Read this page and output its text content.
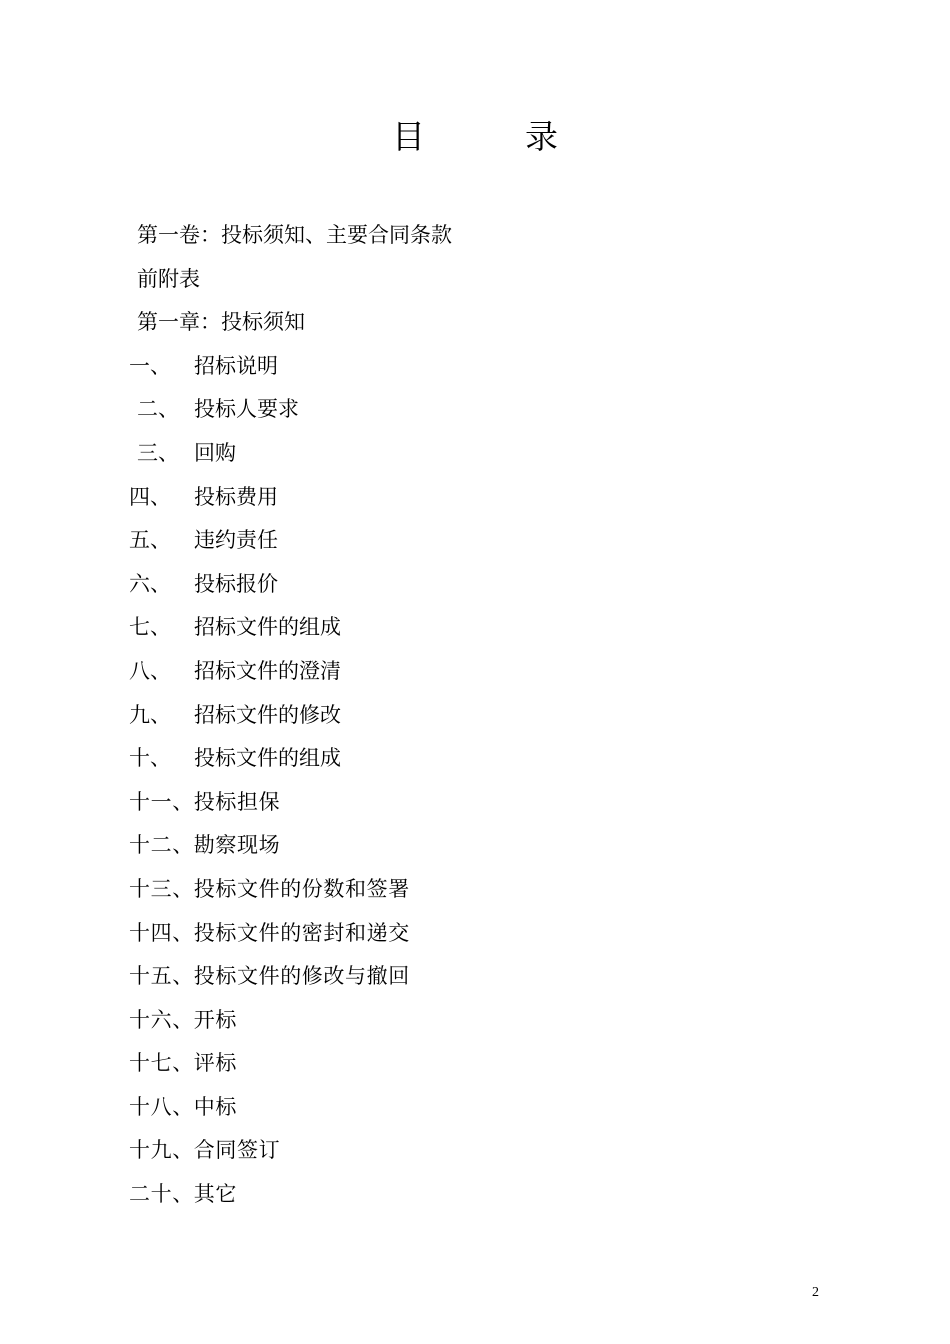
目	录
第一卷：投标须知、主要合同条款
前附表
第一章：投标须知
一、 招标说明
二、 投标人要求
三、 回购
四、 投标费用
五、 违约责任
六、 投标报价
七、 招标文件的组成
八、 招标文件的澄清
九、 招标文件的修改
十、 投标文件的组成
十一、投标担保
十二、勘察现场
十三、投标文件的份数和签署
十四、投标文件的密封和递交
十五、投标文件的修改与撤回
十六、开标
十七、评标
十八、中标
十九、合同签订
二十、其它
2
